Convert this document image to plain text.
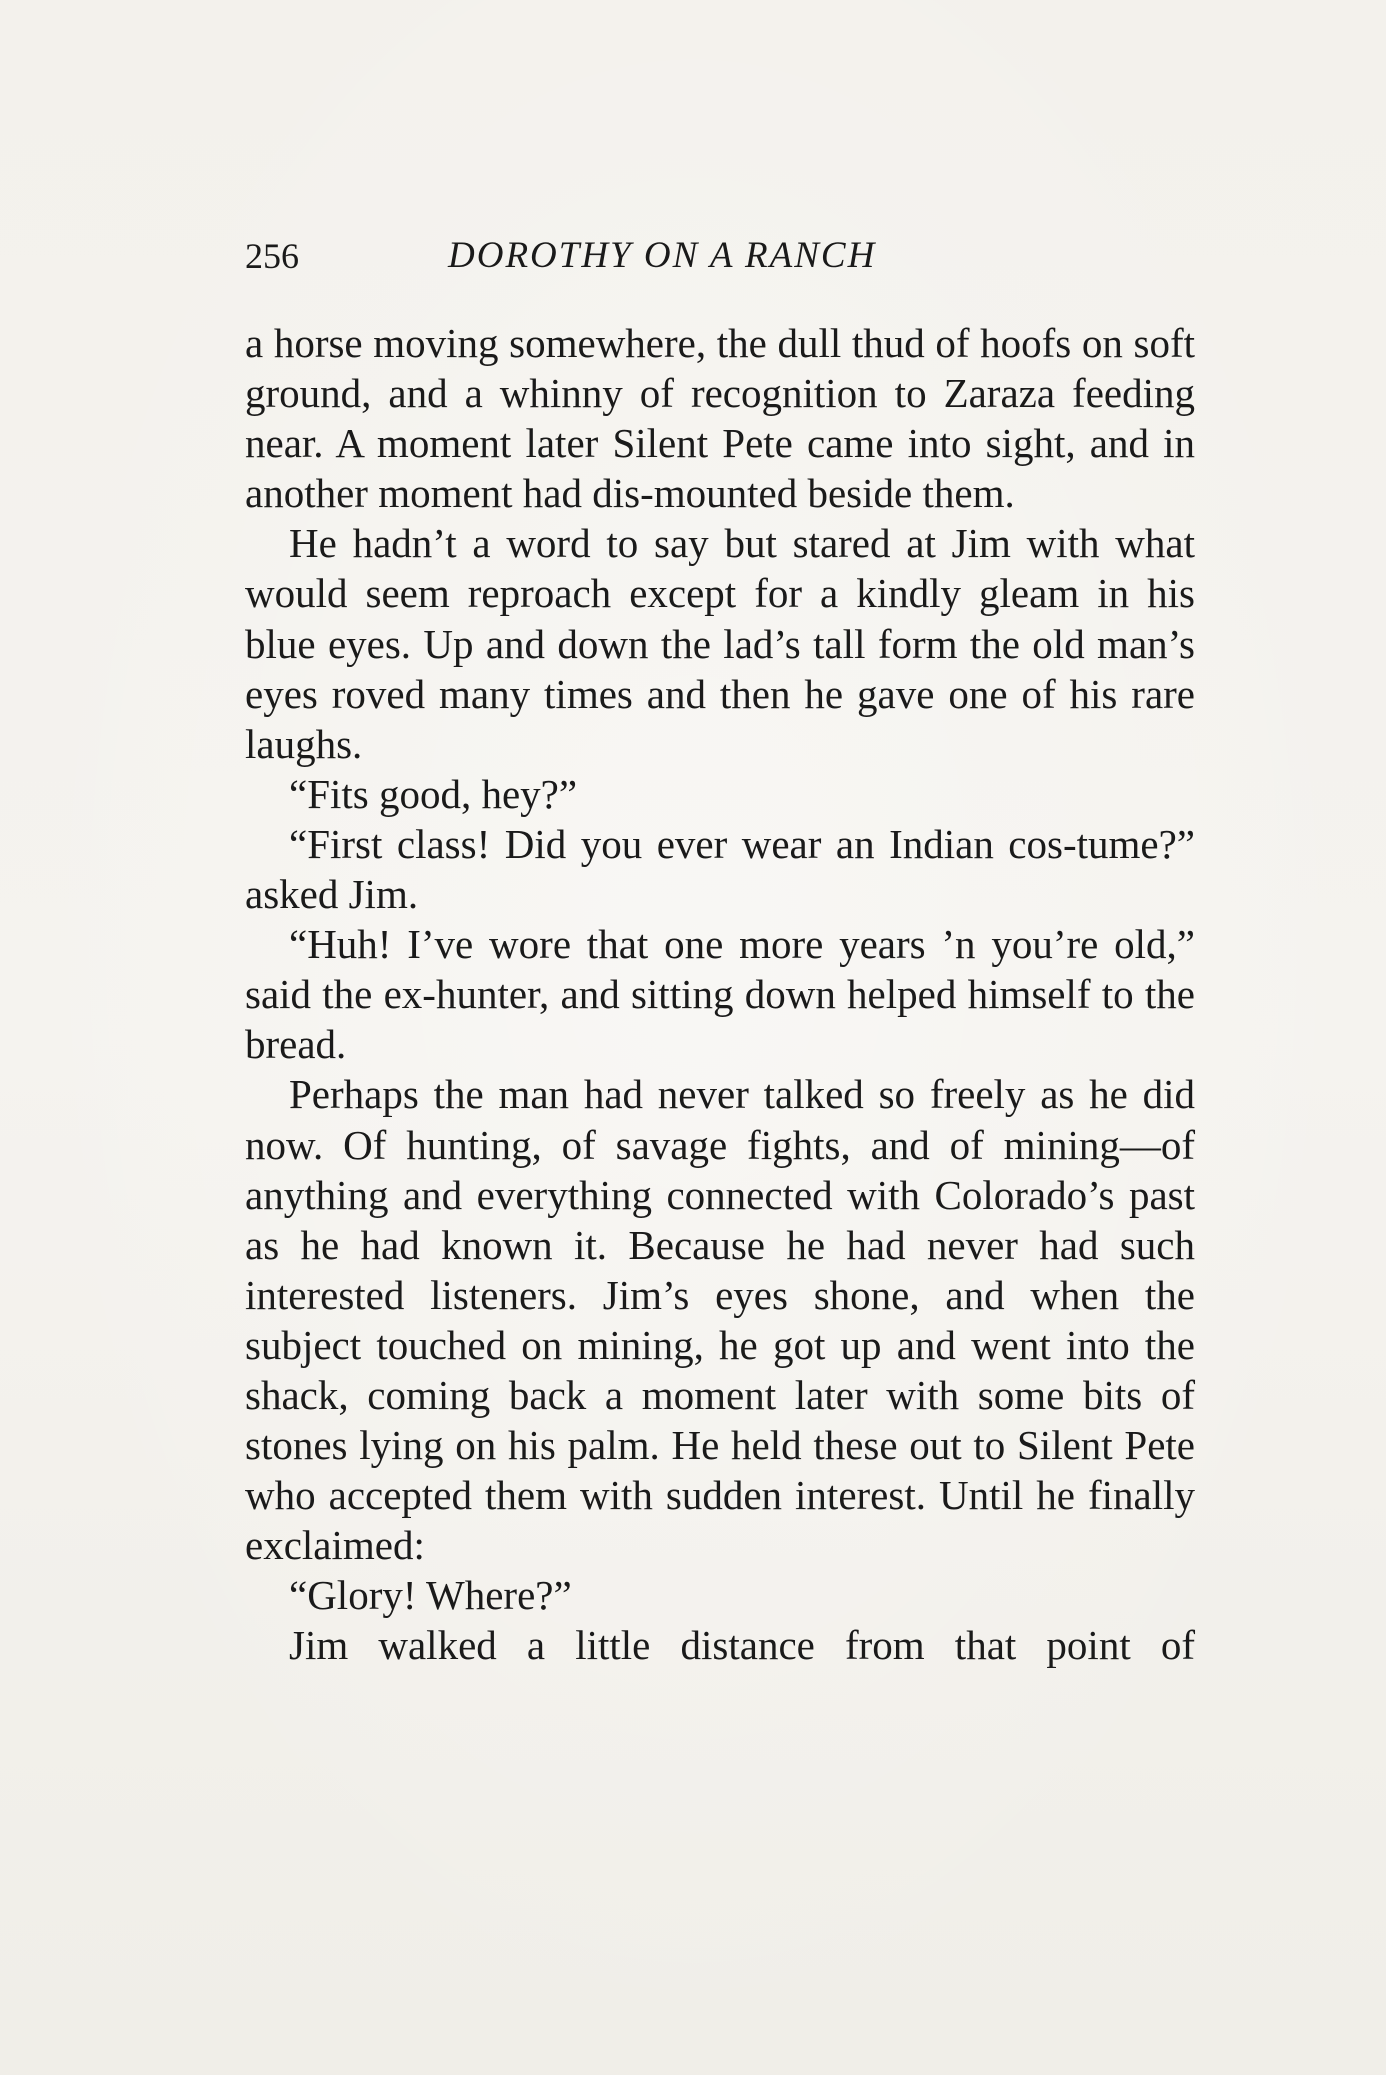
256	DOROTHY ON A RANCH

a horse moving somewhere, the dull thud of hoofs on soft ground, and a whinny of recognition to Zaraza feeding near. A moment later Silent Pete came into sight, and in another moment had dis-mounted beside them.

He hadn’t a word to say but stared at Jim with what would seem reproach except for a kindly gleam in his blue eyes. Up and down the lad’s tall form the old man’s eyes roved many times and then he gave one of his rare laughs.

“Fits good, hey?”

“First class! Did you ever wear an Indian cos-tume?” asked Jim.

“Huh! I’ve wore that one more years ’n you’re old,” said the ex-hunter, and sitting down helped himself to the bread.

Perhaps the man had never talked so freely as he did now. Of hunting, of savage fights, and of mining—of anything and everything connected with Colorado’s past as he had known it. Because he had never had such interested listeners. Jim’s eyes shone, and when the subject touched on mining, he got up and went into the shack, coming back a moment later with some bits of stones lying on his palm. He held these out to Silent Pete who accepted them with sudden interest. Until he finally exclaimed:

“Glory! Where?”

Jim walked a little distance from that point of
